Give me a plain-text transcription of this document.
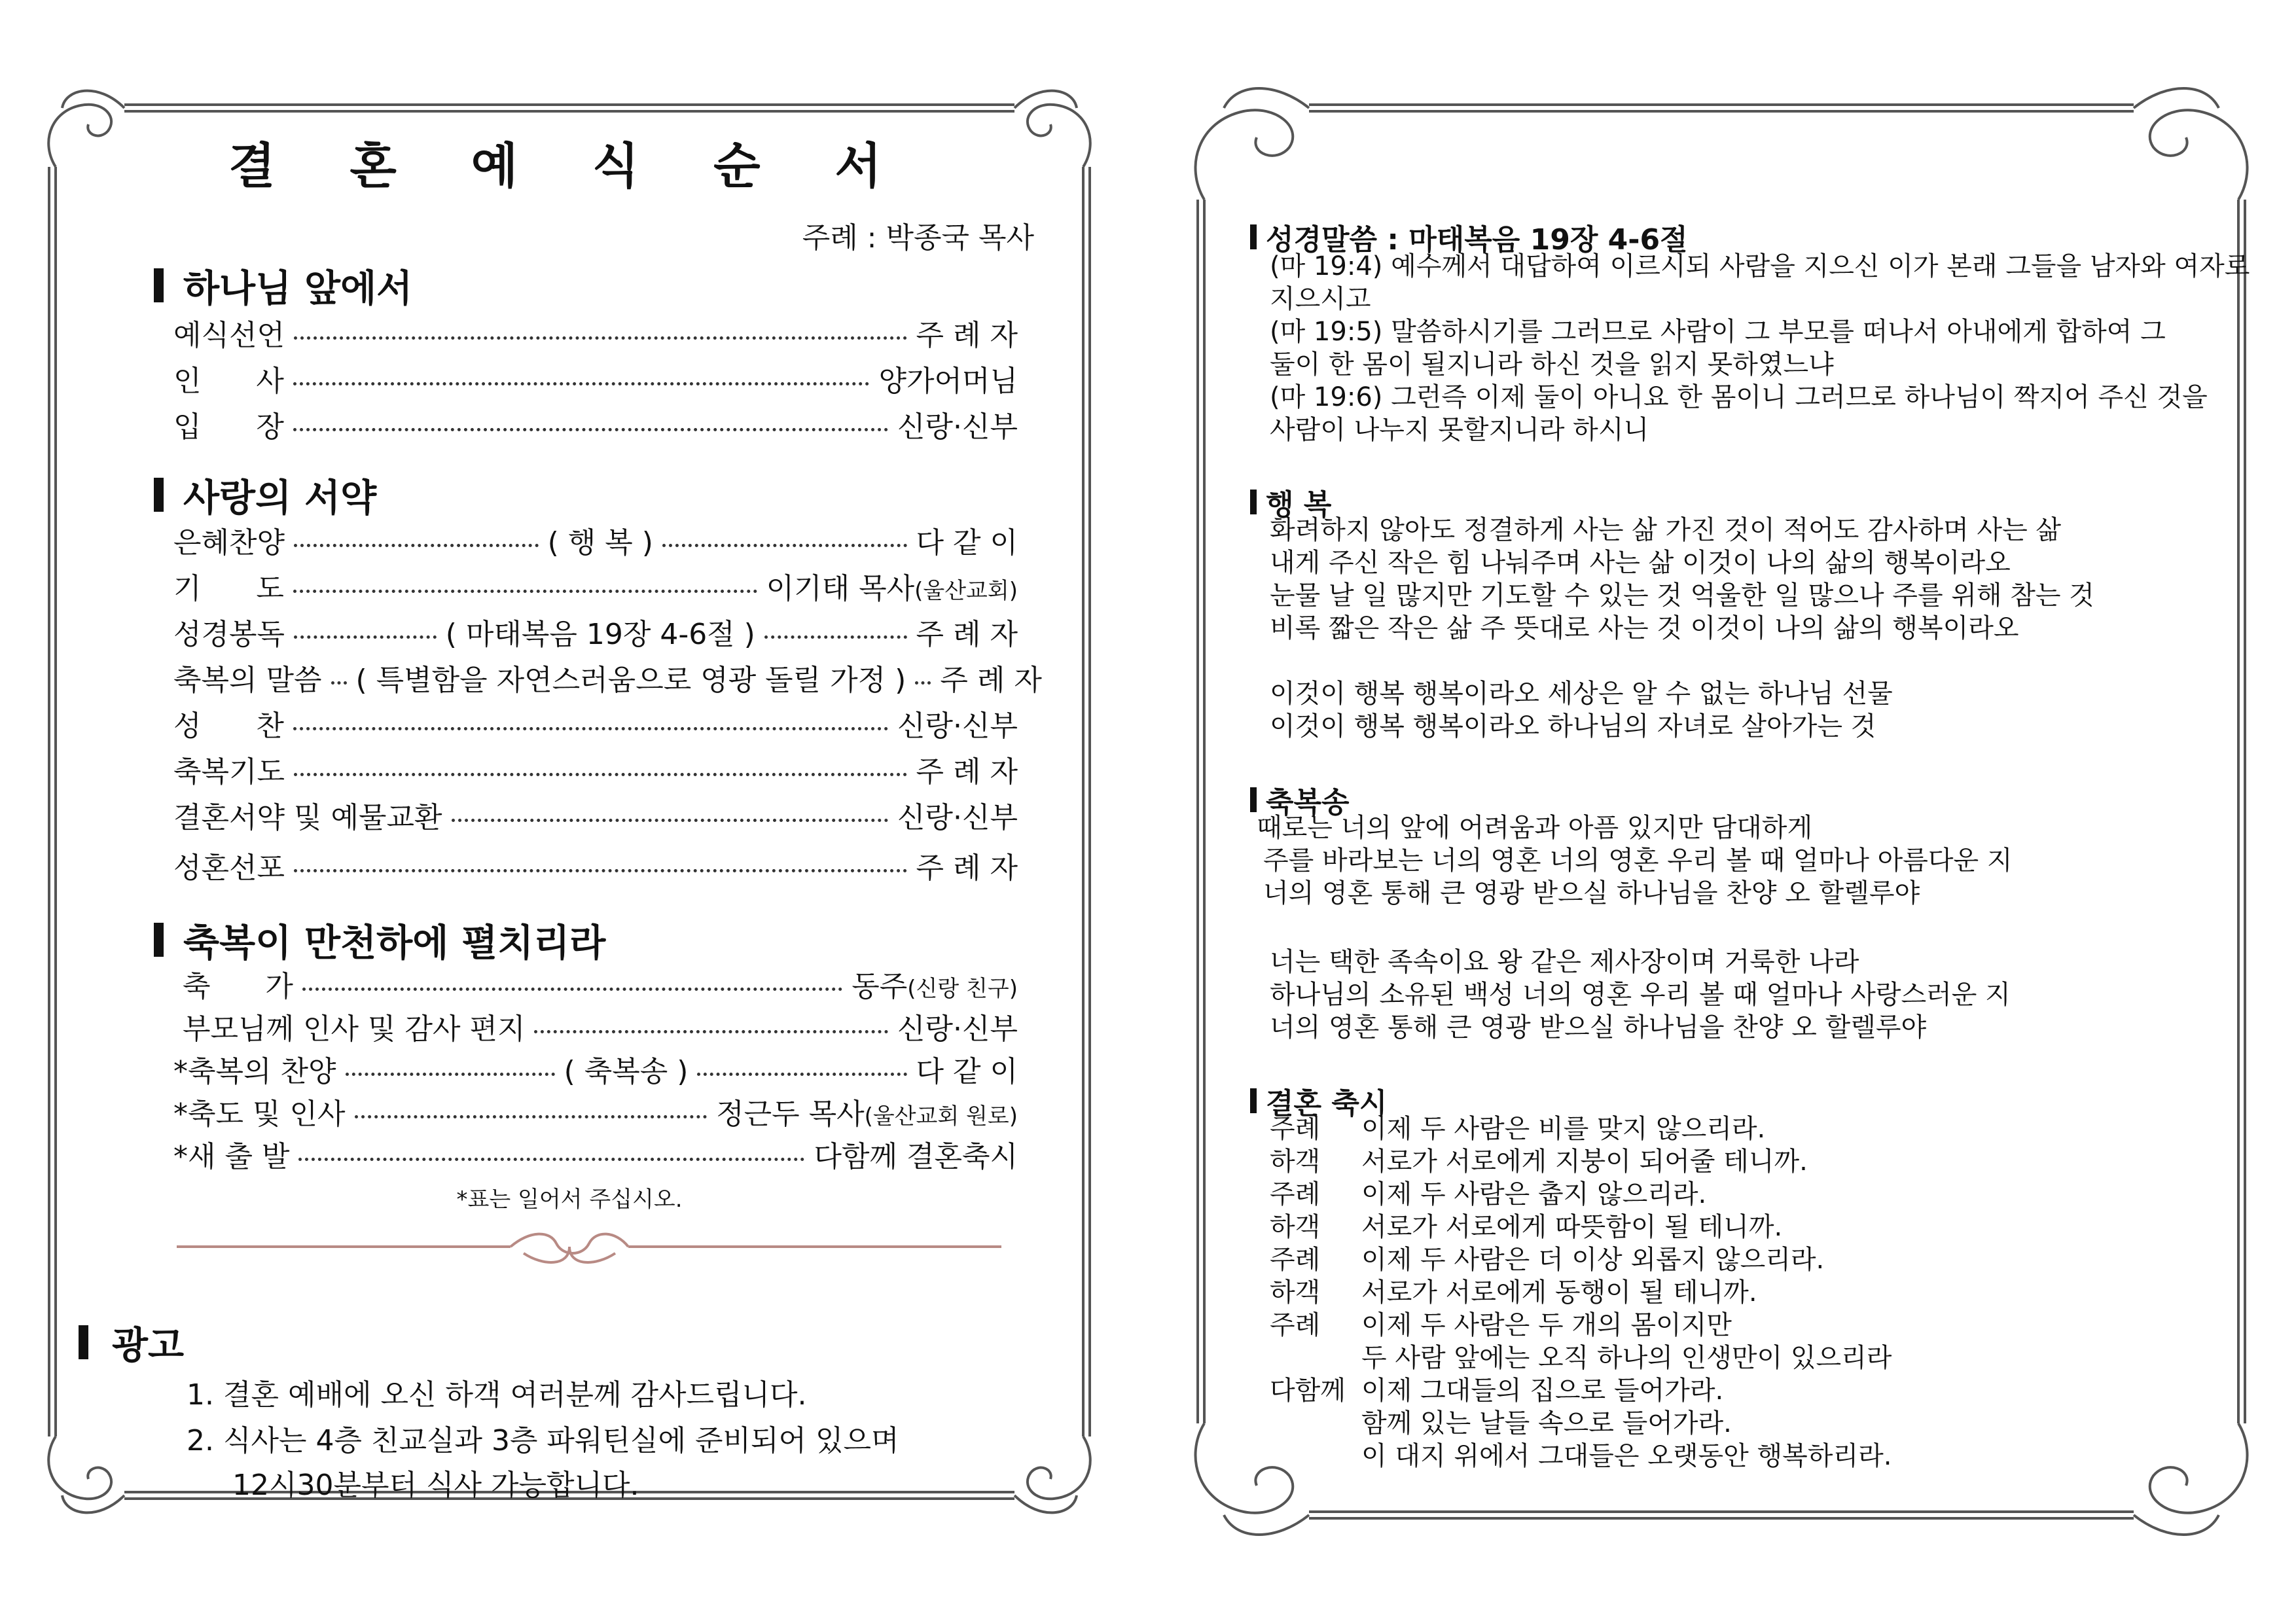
결 혼 예 식 순 서
주례 : 박종국 목사
하나님 앞에서
예식선언	주 례 자
인      사	양가어머님
입      장	신랑·신부
사랑의 서약
은혜찬양	( 행 복 )	다 같 이
기      도	이기태 목사(울산교회)
성경봉독	( 마태복음 19장 4-6절 )	주 례 자
축복의 말씀 ( 특별함을 자연스러움으로 영광 돌릴 가정 ) 주 례 자
성      찬	신랑·신부
축복기도	주 례 자
결혼서약 및 예물교환	신랑·신부
성혼선포	주 례 자
축복이 만천하에 펼치리라
축      가	동주(신랑 친구)
부모님께 인사 및 감사 편지	신랑·신부
*축복의 찬양	( 축복송 )	다 같 이
*축도 및 인사	정근두 목사(울산교회 원로)
*새 출 발	다함께 결혼축시
*표는 일어서 주십시오.
광고
1. 결혼 예배에 오신 하객 여러분께 감사드립니다.
2. 식사는 4층 친교실과 3층 파워틴실에 준비되어 있으며
12시30분부터 식사 가능합니다.
성경말씀 : 마태복음 19장 4-6절
(마 19:4) 예수께서 대답하여 이르시되 사람을 지으신 이가 본래 그들을 남자와 여자로
지으시고
(마 19:5) 말씀하시기를 그러므로 사람이 그 부모를 떠나서 아내에게 합하여 그
둘이 한 몸이 될지니라 하신 것을 읽지 못하였느냐
(마 19:6) 그런즉 이제 둘이 아니요 한 몸이니 그러므로 하나님이 짝지어 주신 것을
사람이 나누지 못할지니라 하시니
행 복
화려하지 않아도 정결하게 사는 삶 가진 것이 적어도 감사하며 사는 삶
내게 주신 작은 힘 나눠주며 사는 삶 이것이 나의 삶의 행복이라오
눈물 날 일 많지만 기도할 수 있는 것 억울한 일 많으나 주를 위해 참는 것
비록 짧은 작은 삶 주 뜻대로 사는 것 이것이 나의 삶의 행복이라오
이것이 행복 행복이라오 세상은 알 수 없는 하나님 선물
이것이 행복 행복이라오 하나님의 자녀로 살아가는 것
축복송
때로는 너의 앞에 어려움과 아픔 있지만 담대하게
주를 바라보는 너의 영혼 너의 영혼 우리 볼 때 얼마나 아름다운 지
너의 영혼 통해 큰 영광 받으실 하나님을 찬양 오 할렐루야
너는 택한 족속이요 왕 같은 제사장이며 거룩한 나라
하나님의 소유된 백성 너의 영혼 우리 볼 때 얼마나 사랑스러운 지
너의 영혼 통해 큰 영광 받으실 하나님을 찬양 오 할렐루야
결혼 축시
주례 이제 두 사람은 비를 맞지 않으리라.
하객 서로가 서로에게 지붕이 되어줄 테니까.
주례 이제 두 사람은 춥지 않으리라.
하객 서로가 서로에게 따뜻함이 될 테니까.
주례 이제 두 사람은 더 이상 외롭지 않으리라.
하객 서로가 서로에게 동행이 될 테니까.
주례 이제 두 사람은 두 개의 몸이지만
두 사람 앞에는 오직 하나의 인생만이 있으리라
다함께 이제 그대들의 집으로 들어가라.
함께 있는 날들 속으로 들어가라.
이 대지 위에서 그대들은 오랫동안 행복하리라.
